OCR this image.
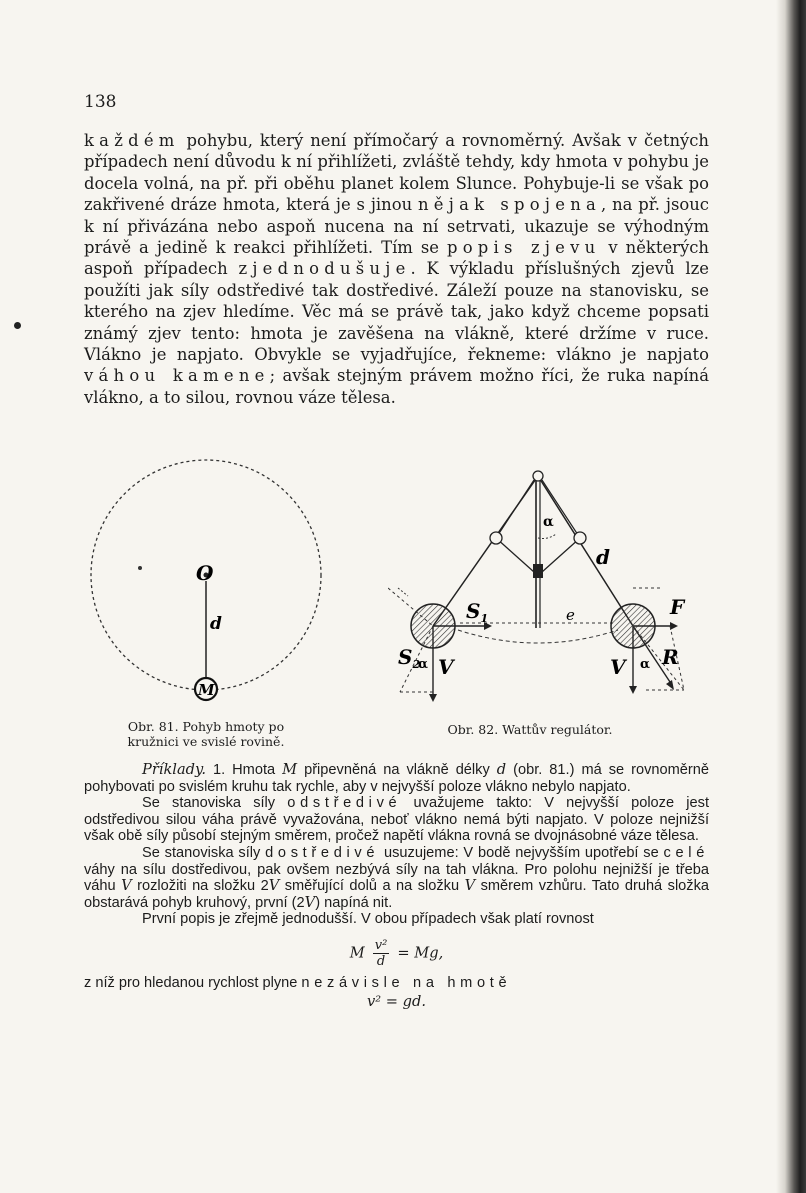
138

každém pohybu, který není přímočarý a rovnoměrný. Avšak v četných případech není důvodu k ní přihlížeti, zvláště tehdy, kdy hmota v pohybu je docela volná, na př. při oběhu planet kolem Slunce. Pohybuje-li se však po zakřivené dráze hmota, která je s jinou nějak spojena, na př. jsouc k ní přivázána nebo aspoň nucena na ní setrvati, ukazuje se výhodným právě a jedině k reakci přihlížeti. Tím se popis zjevu v některých aspoň případech zjednodušuje. K výkladu příslušných zjevů lze použíti jak síly odstředivé tak dostředivé. Záleží pouze na stanovisku, se kterého na zjev hledíme. Věc má se právě tak, jako když chceme popsati známý zjev tento: hmota je zavěšena na vlákně, které držíme v ruce. Vlákno je napjato. Obvykle se vyjadřujíce, řekneme: vlákno je napjato váhou kamene; avšak stejným právem možno říci, že ruka napíná vlákno, a to silou, rovnou váze tělesa.

O
d
M
Obr. 81. Pohyb hmoty po
kružnici ve svislé rovině.
α
d
$S_1$	e	F
$S_2$
α V	V α R
Obr. 82. Wattův regulátor.

Příklady. 1. Hmota M připevněná na vlákně délky d (obr. 81.) má se rovnoměrně pohybovati po svislém kruhu tak rychle, aby v nejvyšší poloze vlákno nebylo napjato.

Se stanoviska síly odstředivé uvažujeme takto: V nejvyšší poloze jest odstředivou silou váha právě vyvažována, neboť vlákno nemá býti napjato. V poloze nejnižší však obě síly působí stejným směrem, pročež napětí vlákna rovná se dvojnásobné váze tělesa.

Se stanoviska síly dostředivé usuzujeme: V bodě nejvyšším upotřebí se celé váhy na sílu dostředivou, pak ovšem nezbývá síly na tah vlákna. Pro polohu nejnižší je třeba váhu V rozložiti na složku 2V směřující dolů a na složku V směrem vzhůru. Tato druhá složka obstarává pohyb kruhový, první (2V) napíná nit.

První popis je zřejmě jednodušší. V obou případech však platí rovnost

M $\frac{\text{v²}}{d} = Mg$,

z níž pro hledanou rychlost plyne nezávisle na hmotě

v² = gd.
